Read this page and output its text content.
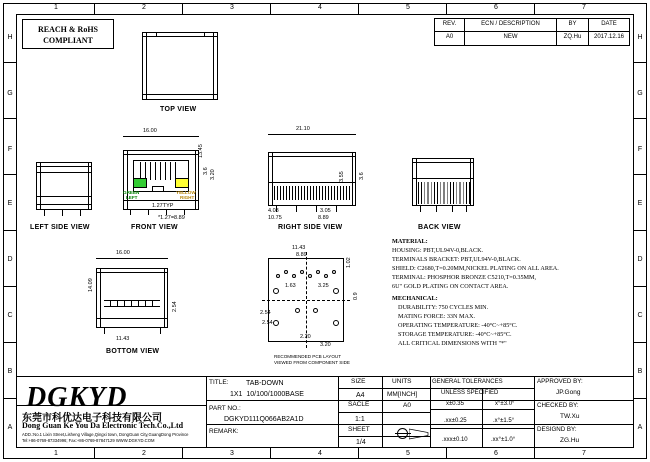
H
G
F
E
D
C
B
A
H
G
F
E
D
C
B
A
1	2	3	4	5	6	7
1	2	3	4	5	6	7
REACH & RoHS
COMPLIANT
REV.	ECN / DESCRIPTION	BY	DATE
A0	NEW	ZQ.Hu	2017.12.16
TOP VIEW
LEFT SIDE VIEW
GREEN
LEFT
YELLOW
RIGHT
FRONT VIEW
16.00
1.27TYP
*1.27=8.89
13.45
3.20
3.6
21.10
3.55	3.6
4.08	3.05
10.75	8.89
RIGHT SIDE VIEW	BACK VIEW
16.00
14.09
2.54
11.43
BOTTOM VIEW
11.43
8.89
1.63	3.25
1.02
0.9
2.54
2.54
2.20
3.20
RECOMMENDED PCB LAYOUT
VIEWED FROM COMPONENT SIDE
MATERIAL:
HOUSING: PBT,UL94V-0,BLACK.
TERMINALS BRACKET: PBT,UL94V-0,BLACK.
SHIELD: C2680,T=0.20MM,NICKEL PLATING ON ALL AREA.
TERMINAL: PHOSPHOR BRONZE C5210,T=0.35MM,
6U" GOLD PLATING ON CONTACT AREA.
MECHANICAL:
DURABILITY: 750 CYCLES MIN.
MATING FORCE: 33N MAX.
OPERATING TEMPERATURE: -40°C~+85°C.
STORAGE TEMPERATURE: -40°C~+85°C.
ALL CRITICAL DIMENSIONS WITH "*"
DGKYD
东莞市科优达电子科技有限公司
Dong Guan Ke You Da Electronic Tech.Co.,Ltd
ADD.:No.1 Lixin Street,Lisheng Village,Qingxi town, DongGuan City,GuangDong Province
Tel:+86-0769-87334996; Fax:+86-0769-87847129 WWW.DGKYD.COM
TITLE: TAB-DOWN
1X1  10/100/1000BASE
PART NO.:
DGKYD111Q066AB2A1D
REMARK:
SIZE
A4
SACLE
1:1
SHEET
1/4
UNITS
MM[INCH]
A0
GENERAL TOLERANCES
UNLESS SPECIFIED
x±0.35	x°±3.0°
.xx±0.25	.x°±1.5°
.xxx±0.10	.xx°±1.0°
APPROVED BY:
JP.Gong
CHECKED BY:
TW.Xu
DESIGND BY:
ZG.Hu
